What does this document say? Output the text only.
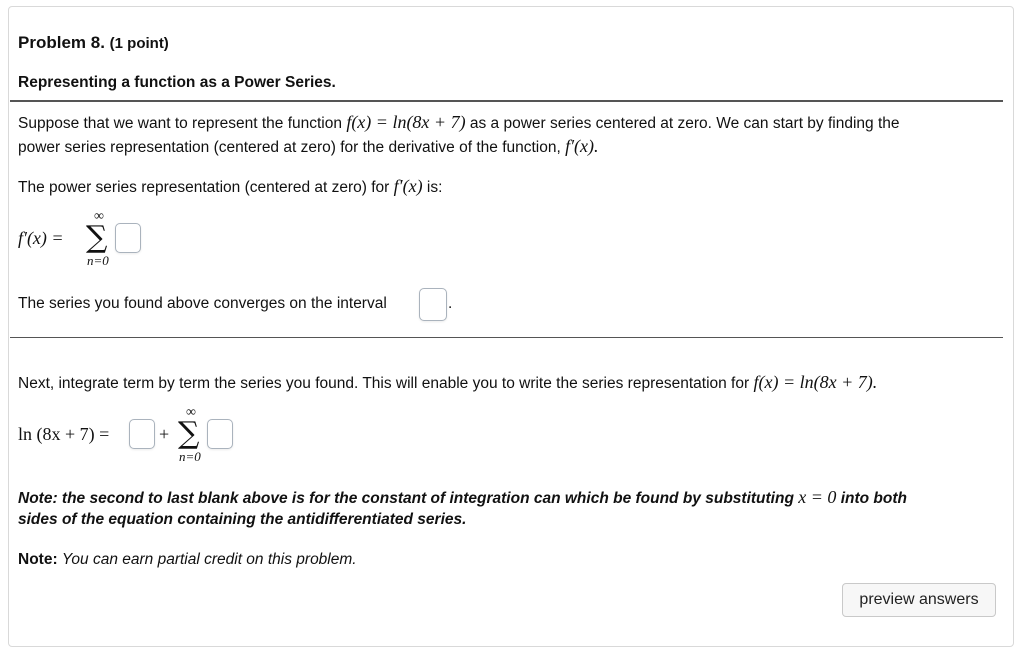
Problem 8. (1 point)
Representing a function as a Power Series.
Suppose that we want to represent the function f(x) = ln(8x + 7) as a power series centered at zero. We can start by finding the
power series representation (centered at zero) for the derivative of the function, f′(x).
The power series representation (centered at zero) for f′(x) is:
f′(x) =
∞
∑
n=0
The series you found above converges on the interval	.
Next, integrate term by term the series you found. This will enable you to write the series representation for f(x) = ln(8x + 7).
ln (8x + 7) =	+
∞
∑
n=0
Note: the second to last blank above is for the constant of integration can which be found by substituting x = 0 into both
sides of the equation containing the antidifferentiated series.
Note: You can earn partial credit on this problem.
preview answers
